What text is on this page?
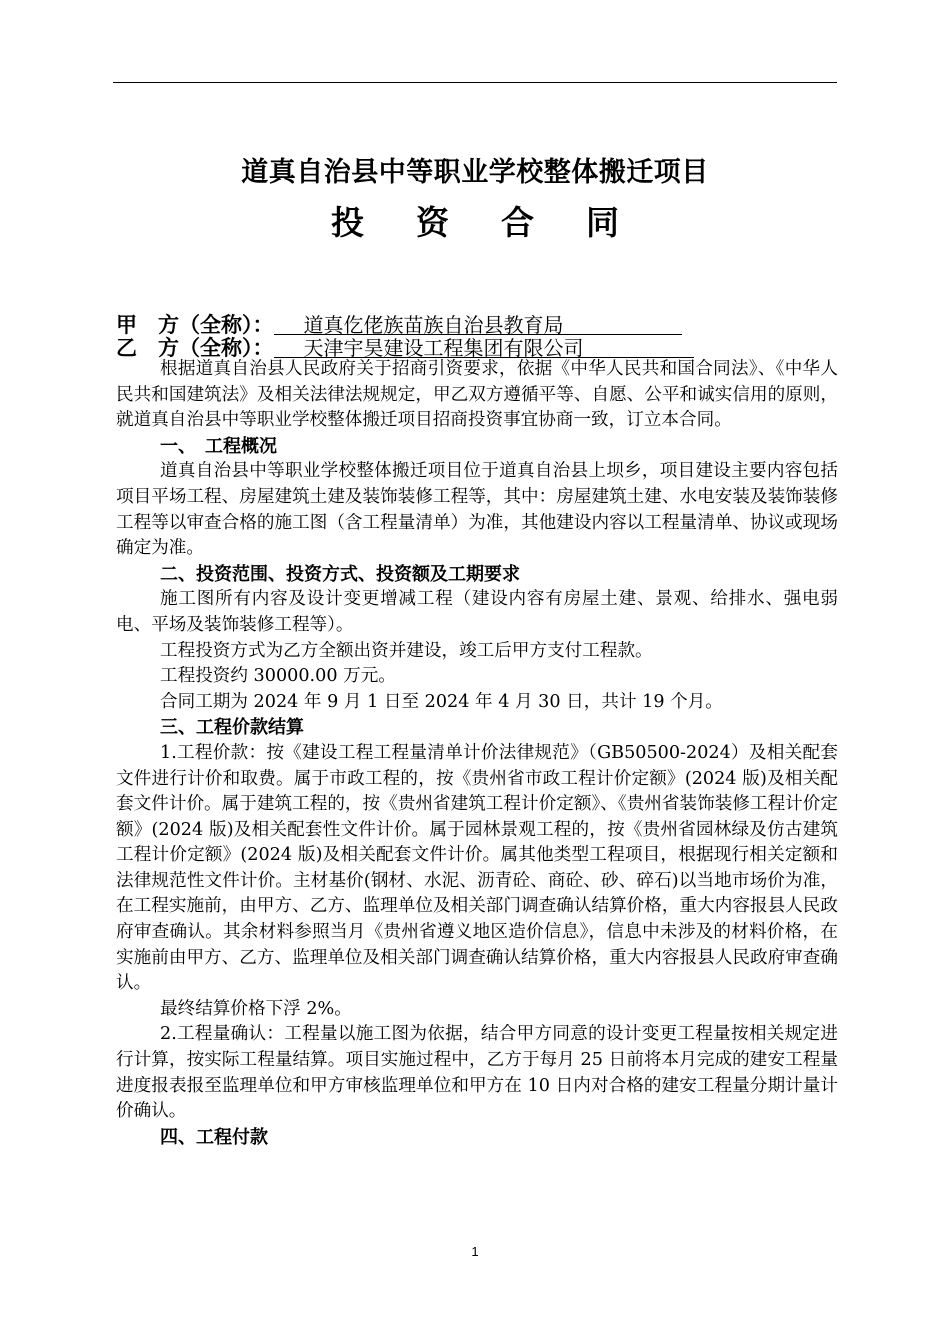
道真自治县中等职业学校整体搬迁项目
投资合同
甲　方（全称）： 道真仡佬族苗族自治县教育局
乙　方（全称）： 天津宇昊建设工程集团有限公司

根据道真自治县人民政府关于招商引资要求，依据《中华人民共和国合同法》、《中华人民共和国建筑法》及相关法律法规规定，甲乙双方遵循平等、自愿、公平和诚实信用的原则，就道真自治县中等职业学校整体搬迁项目招商投资事宜协商一致，订立本合同。

一、　工程概况

道真自治县中等职业学校整体搬迁项目位于道真自治县上坝乡，项目建设主要内容包括项目平场工程、房屋建筑土建及装饰装修工程等，其中：房屋建筑土建、水电安装及装饰装修工程等以审查合格的施工图（含工程量清单）为准，其他建设内容以工程量清单、协议或现场确定为准。

二、投资范围、投资方式、投资额及工期要求

施工图所有内容及设计变更增减工程（建设内容有房屋土建、景观、给排水、强电弱电、平场及装饰装修工程等）。

工程投资方式为乙方全额出资并建设，竣工后甲方支付工程款。

工程投资约 30000.00 万元。

合同工期为 2024 年 9 月 1 日至 2024 年 4 月 30 日，共计 19 个月。

三、工程价款结算

1.工程价款：按《建设工程工程量清单计价法律规范》（GB50500-2024）及相关配套文件进行计价和取费。属于市政工程的，按《贵州省市政工程计价定额》(2024 版)及相关配套文件计价。属于建筑工程的，按《贵州省建筑工程计价定额》、《贵州省装饰装修工程计价定额》(2024 版)及相关配套性文件计价。属于园林景观工程的，按《贵州省园林绿及仿古建筑工程计价定额》(2024 版)及相关配套文件计价。属其他类型工程项目，根据现行相关定额和法律规范性文件计价。主材基价(钢材、水泥、沥青砼、商砼、砂、碎石)以当地市场价为准，在工程实施前，由甲方、乙方、监理单位及相关部门调查确认结算价格，重大内容报县人民政府审查确认。其余材料参照当月《贵州省遵义地区造价信息》，信息中未涉及的材料价格，在实施前由甲方、乙方、监理单位及相关部门调查确认结算价格，重大内容报县人民政府审查确认。

最终结算价格下浮 2%。

2.工程量确认：工程量以施工图为依据，结合甲方同意的设计变更工程量按相关规定进行计算，按实际工程量结算。项目实施过程中，乙方于每月 25 日前将本月完成的建安工程量进度报表报至监理单位和甲方审核监理单位和甲方在 10 日内对合格的建安工程量分期计量计价确认。

四、工程付款
1
